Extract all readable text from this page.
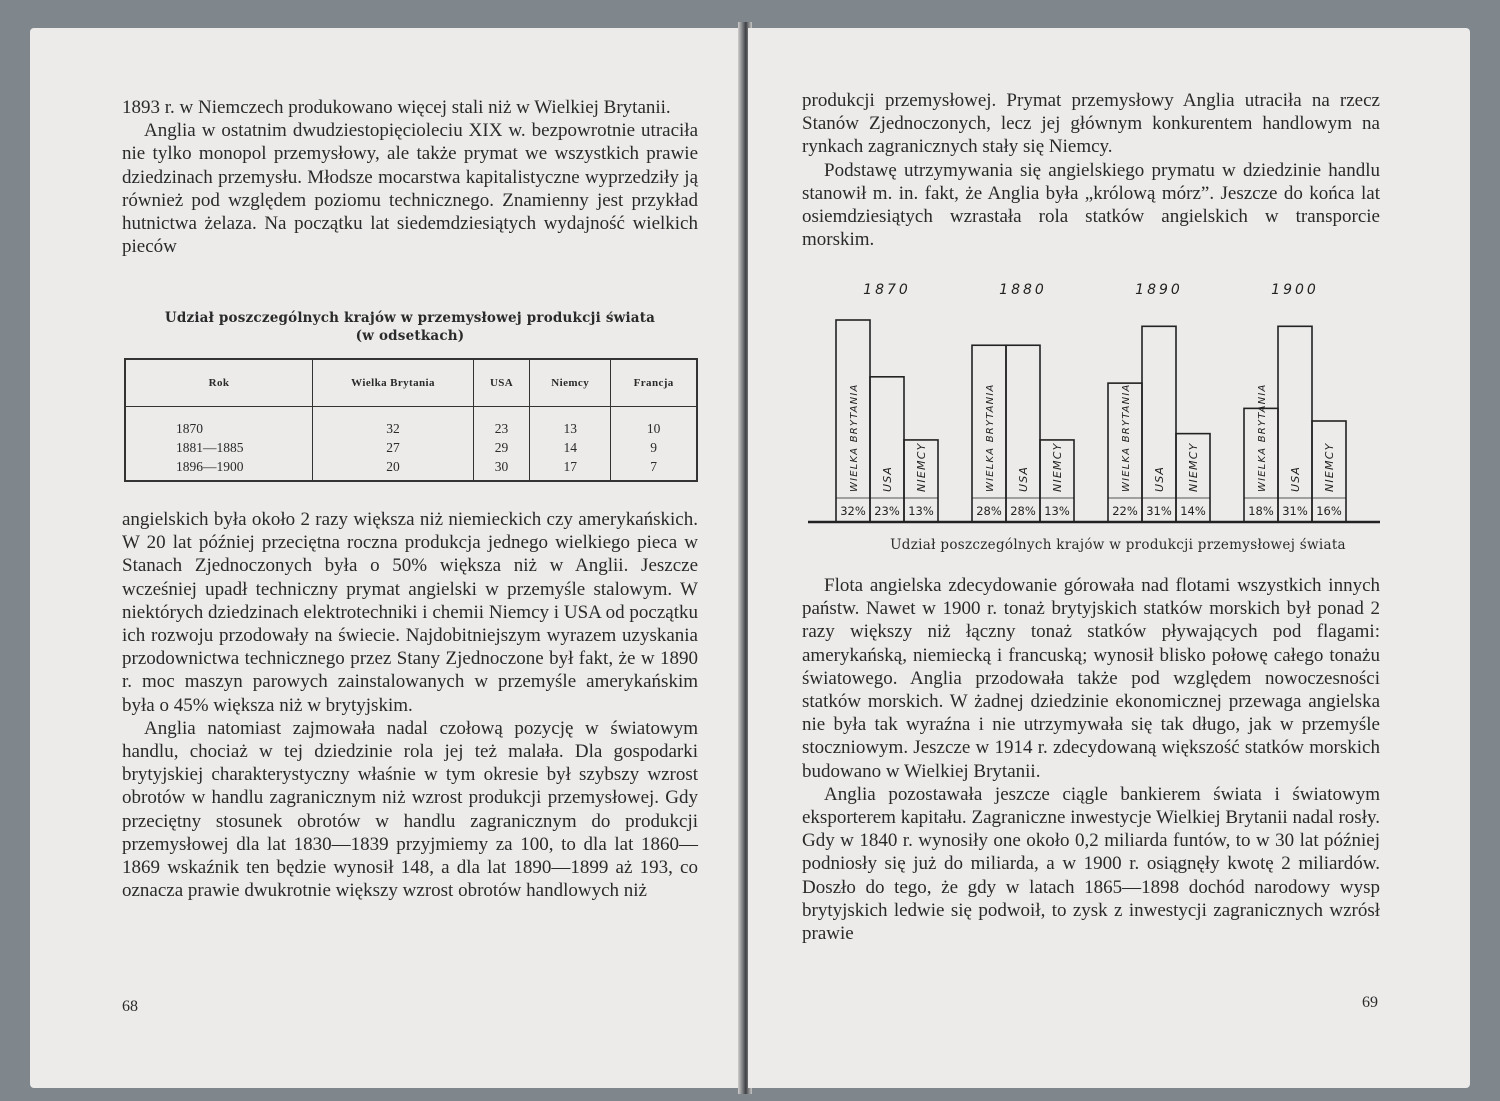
1893 r. w Niemczech produkowano więcej stali niż w Wielkiej Brytanii.

Anglia w ostatnim dwudziestopięcioleciu XIX w. bezpowrotnie utraciła nie tylko monopol przemysłowy, ale także prymat we wszystkich prawie dziedzinach przemysłu. Młodsze mocarstwa kapitalistyczne wyprzedziły ją również pod względem poziomu technicznego. Znamienny jest przykład hutnictwa żelaza. Na początku lat siedemdziesiątych wydajność wielkich pieców

Udział poszczególnych krajów w przemysłowej produkcji świata
(w odsetkach)
Rok	Wielka Brytania	USA	Niemcy	Francja
1870	32	23	13	10
1881—1885	27	29	14	9
1896—1900	20	30	17	7

angielskich była około 2 razy większa niż niemieckich czy amerykańskich. W 20 lat później przeciętna roczna produkcja jednego wielkiego pieca w Stanach Zjednoczonych była o 50% większa niż w Anglii. Jeszcze wcześniej upadł techniczny prymat angielski w przemyśle stalowym. W niektórych dziedzinach elektrotechniki i chemii Niemcy i USA od początku ich rozwoju przodowały na świecie. Najdobitniejszym wyrazem uzyskania przodownictwa technicznego przez Stany Zjednoczone był fakt, że w 1890 r. moc maszyn parowych zainstalowanych w przemyśle amerykańskim była o 45% większa niż w brytyjskim.

Anglia natomiast zajmowała nadal czołową pozycję w światowym handlu, chociaż w tej dziedzinie rola jej też malała. Dla gospodarki brytyjskiej charakterystyczny właśnie w tym okresie był szybszy wzrost obrotów w handlu zagranicznym niż wzrost produkcji przemysłowej. Gdy przeciętny stosunek obrotów w handlu zagranicznym do produkcji przemysłowej dla lat 1830—1839 przyjmiemy za 100, to dla lat 1860—1869 wskaźnik ten będzie wynosił 148, a dla lat 1890—1899 aż 193, co oznacza prawie dwukrotnie większy wzrost obrotów handlowych niż

68

produkcji przemysłowej. Prymat przemysłowy Anglia utraciła na rzecz Stanów Zjednoczonych, lecz jej głównym konkurentem handlowym na rynkach zagranicznych stały się Niemcy.

Podstawę utrzymywania się angielskiego prymatu w dziedzinie handlu stanowił m. in. fakt, że Anglia była „królową mórz”. Jeszcze do końca lat osiemdziesiątych wzrastała rola statków angielskich w transporcie morskim.

1870
32%
WIELKA BRYTANIA
23%
USA
13%
NIEMCY
1880
28%
WIELKA BRYTANIA
28%
USA
13%
NIEMCY
1890
22%
WIELKA BRYTANIA
31%
USA
14%
NIEMCY
1900
18%
WIELKA BRYTANIA
31%
USA
16%
NIEMCY
Udział poszczególnych krajów w produkcji przemysłowej świata

Flota angielska zdecydowanie górowała nad flotami wszystkich innych państw. Nawet w 1900 r. tonaż brytyjskich statków morskich był ponad 2 razy większy niż łączny tonaż statków pływających pod flagami: amerykańską, niemiecką i francuską; wynosił blisko połowę całego tonażu światowego. Anglia przodowała także pod względem nowoczesności statków morskich. W żadnej dziedzinie ekonomicznej przewaga angielska nie była tak wyraźna i nie utrzymywała się tak długo, jak w przemyśle stoczniowym. Jeszcze w 1914 r. zdecydowaną większość statków morskich budowano w Wielkiej Brytanii.

Anglia pozostawała jeszcze ciągle bankierem świata i światowym eksporterem kapitału. Zagraniczne inwestycje Wielkiej Brytanii nadal rosły. Gdy w 1840 r. wynosiły one około 0,2 miliarda funtów, to w 30 lat później podniosły się już do miliarda, a w 1900 r. osiągnęły kwotę 2 miliardów. Doszło do tego, że gdy w latach 1865—1898 dochód narodowy wysp brytyjskich ledwie się podwoił, to zysk z inwestycji zagranicznych wzrósł prawie

69
